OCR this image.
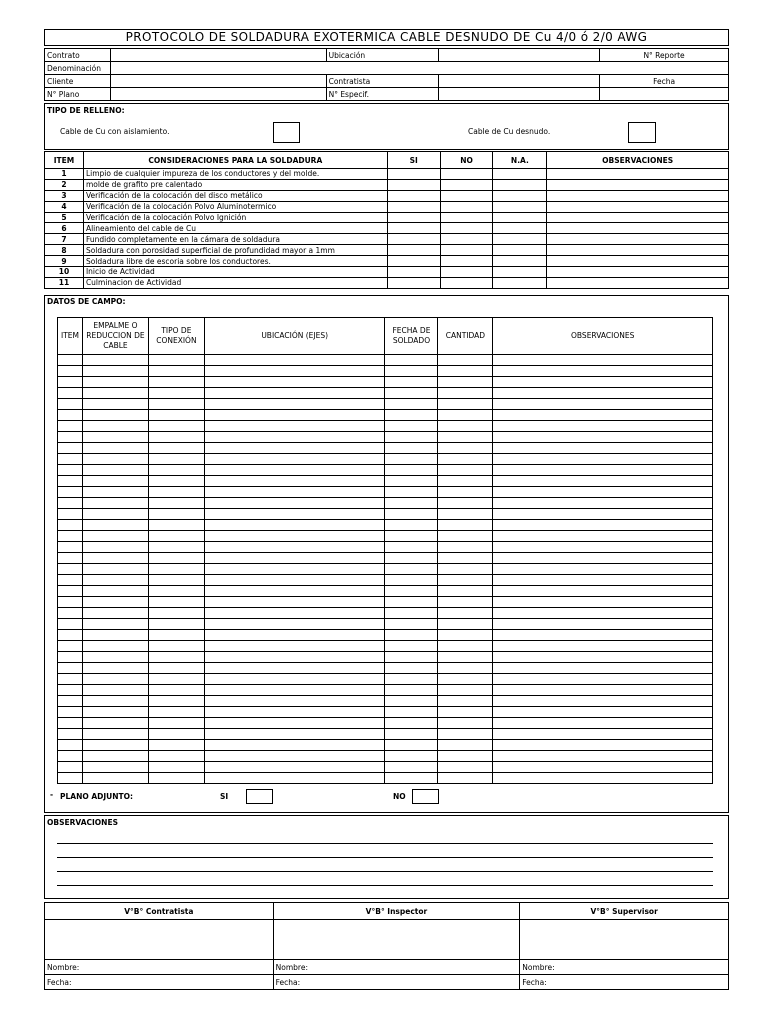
PROTOCOLO DE SOLDADURA EXOTERMICA CABLE DESNUDO DE Cu 4/0 ó 2/0 AWG
Contrato		Ubicación		N° Reporte
Denominación				
Cliente		Contratista		Fecha
N° Plano		N° Especif.		
TIPO DE RELLENO:
Cable de Cu con aislamiento.	Cable de Cu desnudo.
ITEM	CONSIDERACIONES PARA LA SOLDADURA	SI	NO	N.A.	OBSERVACIONES
1	Limpio de cualquier impureza de los conductores y del molde.				
2	molde de grafito pre calentado				
3	Verificación de la colocación del disco metálico				
4	Verificación de la colocación Polvo Aluminotermico				
5	Verificación de la colocación Polvo Ignición				
6	Alineamiento del cable de Cu				
7	Fundido completamente en la cámara de soldadura				
8	Soldadura con porosidad superficial de profundidad mayor a 1mm				
9	Soldadura libre de escoria sobre los conductores.				
10	Inicio de Actividad				
11	Culminacion de Actividad				
DATOS DE CAMPO:
ITEM	EMPALME O REDUCCION DE CABLE	TIPO DE CONEXIÓN	UBICACIÓN (EJES)	FECHA DE SOLDADO	CANTIDAD	OBSERVACIONES

- PLANO ADJUNTO:	SI	NO
OBSERVACIONES
V°B° Contratista	V°B° Inspector	V°B° Supervisor

Nombre:	Nombre:	Nombre:
Fecha:	Fecha:	Fecha:
